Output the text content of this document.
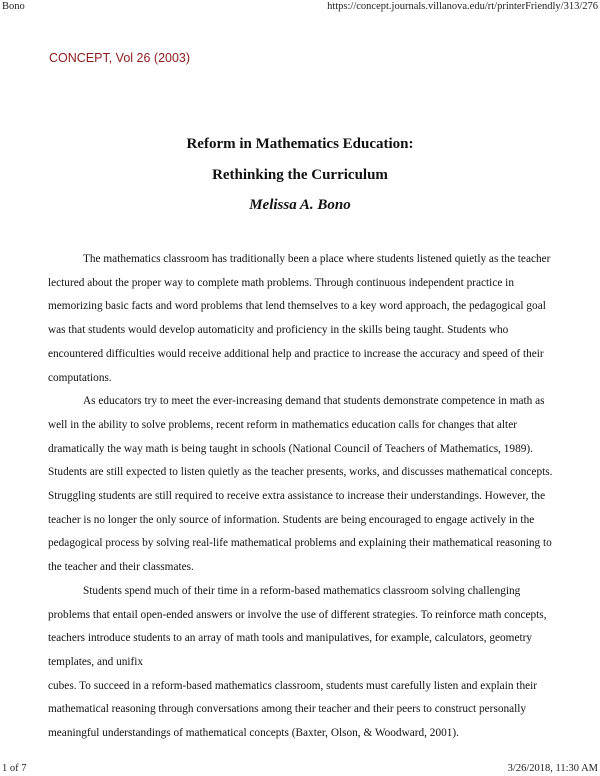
Bono	https://concept.journals.villanova.edu/rt/printerFriendly/313/276
CONCEPT, Vol 26 (2003)
Reform in Mathematics Education:
Rethinking the Curriculum
Melissa A. Bono

The mathematics classroom has traditionally been a place where students listened quietly as the teacher lectured about the proper way to complete math problems. Through continuous independent practice in memorizing basic facts and word problems that lend themselves to a key word approach, the pedagogical goal was that students would develop automaticity and proficiency in the skills being taught. Students who encountered difficulties would receive additional help and practice to increase the accuracy and speed of their computations.

As educators try to meet the ever-increasing demand that students demonstrate competence in math as well in the ability to solve problems, recent reform in mathematics education calls for changes that alter dramatically the way math is being taught in schools (National Council of Teachers of Mathematics, 1989). Students are still expected to listen quietly as the teacher presents, works, and discusses mathematical concepts. Struggling students are still required to receive extra assistance to increase their understandings. However, the teacher is no longer the only source of information. Students are being encouraged to engage actively in the pedagogical process by solving real-life mathematical problems and explaining their mathematical reasoning to the teacher and their classmates.

Students spend much of their time in a reform-based mathematics classroom solving challenging problems that entail open-ended answers or involve the use of different strategies. To reinforce math concepts, teachers introduce students to an array of math tools and manipulatives, for example, calculators, geometry templates, and unifix

cubes. To succeed in a reform-based mathematics classroom, students must carefully listen and explain their mathematical reasoning through conversations among their teacher and their peers to construct personally meaningful understandings of mathematical concepts (Baxter, Olson, & Woodward, 2001).

1 of 7	3/26/2018, 11:30 AM
